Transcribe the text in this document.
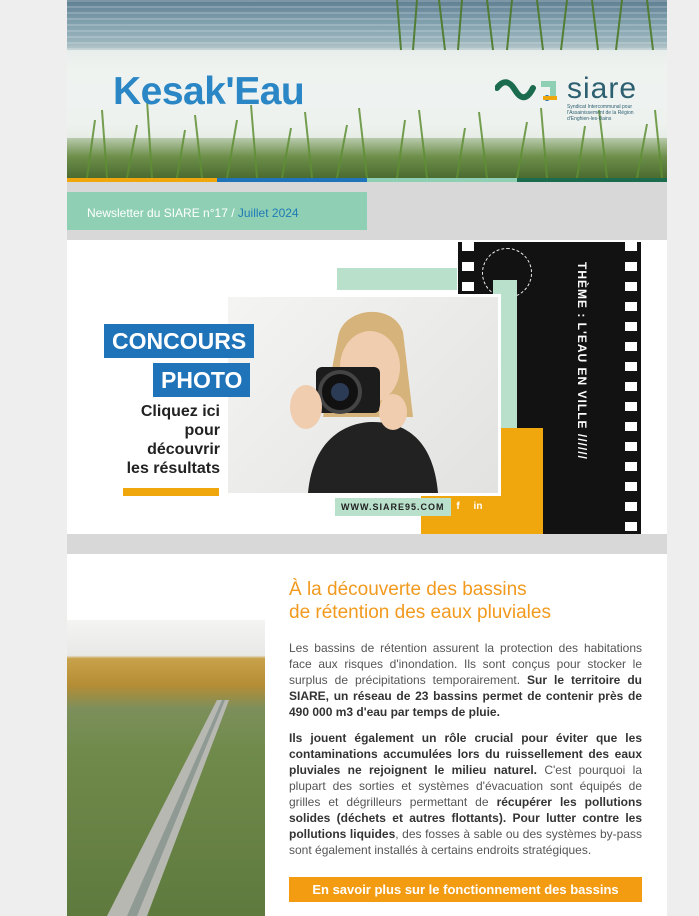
Kesak'Eau	siare
Syndicat Intercommunal pour l'Assainissement de la Région d'Enghien-les-Bains
Newsletter du SIARE n°17 / Juillet 2024
THÈME : L'EAU EN VILLE //////
CONCOURS
PHOTO
Cliquez ici
pour
découvrir
les résultats
WWW.SIARE95.COM	f	in
À la découverte des bassins
de rétention des eaux pluviales

Les bassins de rétention assurent la protection des habitations face aux risques d'inondation. Ils sont conçus pour stocker le surplus de précipitations temporairement. Sur le territoire du SIARE, un réseau de 23 bassins permet de contenir près de 490 000 m3 d'eau par temps de pluie.

Ils jouent également un rôle crucial pour éviter que les contaminations accumulées lors du ruissellement des eaux pluviales ne rejoignent le milieu naturel. C'est pourquoi la plupart des sorties et systèmes d'évacuation sont équipés de grilles et dégrilleurs permettant de récupérer les pollutions solides (déchets et autres flottants). Pour lutter contre les pollutions liquides, des fosses à sable ou des systèmes by-pass sont également installés à certains endroits stratégiques.

En savoir plus sur le fonctionnement des bassins
